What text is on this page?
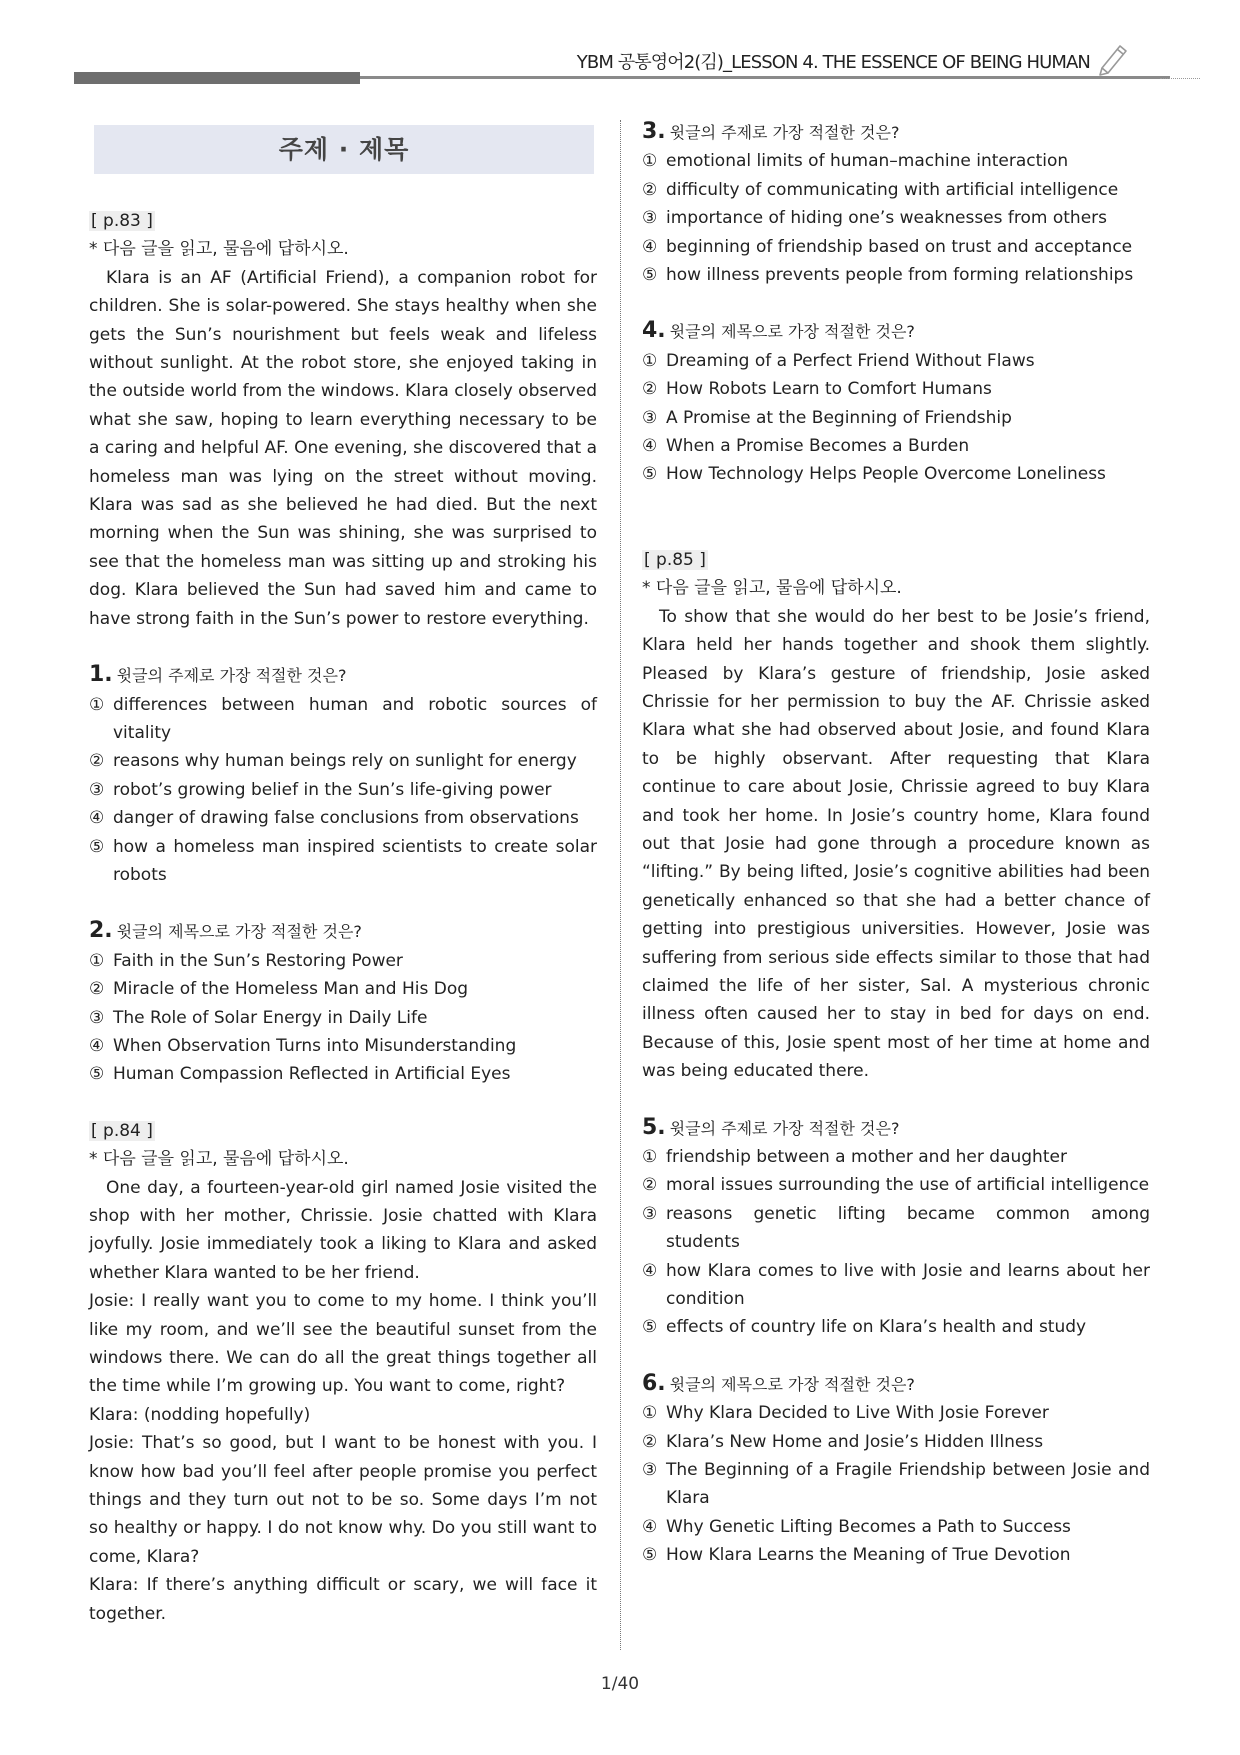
YBM 공통영어2(김)_LESSON 4. THE ESSENCE OF BEING HUMAN
주제 · 제목

[ p.83 ]

* 다음 글을 읽고, 물음에 답하시오.

Klara is an AF (Artificial Friend), a companion robot for children. She is solar-powered. She stays healthy when she gets the Sun’s nourishment but feels weak and lifeless without sunlight. At the robot store, she enjoyed taking in the outside world from the windows. Klara closely observed what she saw, hoping to learn everything necessary to be a caring and helpful AF. One evening, she discovered that a homeless man was lying on the street without moving. Klara was sad as she believed he had died. But the next morning when the Sun was shining, she was surprised to see that the homeless man was sitting up and stroking his dog. Klara believed the Sun had saved him and came to have strong faith in the Sun’s power to restore everything.

1. 윗글의 주제로 가장 적절한 것은?

① differences between human and robotic sources of vitality
② reasons why human beings rely on sunlight for energy
③ robot’s growing belief in the Sun’s life-giving power
④ danger of drawing false conclusions from observations
⑤ how a homeless man inspired scientists to create solar robots

2. 윗글의 제목으로 가장 적절한 것은?

① Faith in the Sun’s Restoring Power
② Miracle of the Homeless Man and His Dog
③ The Role of Solar Energy in Daily Life
④ When Observation Turns into Misunderstanding
⑤ Human Compassion Reflected in Artificial Eyes

[ p.84 ]

* 다음 글을 읽고, 물음에 답하시오.

One day, a fourteen-year-old girl named Josie visited the shop with her mother, Chrissie. Josie chatted with Klara joyfully. Josie immediately took a liking to Klara and asked whether Klara wanted to be her friend.

Josie: I really want you to come to my home. I think you’ll like my room, and we’ll see the beautiful sunset from the windows there. We can do all the great things together all the time while I’m growing up. You want to come, right?

Klara: (nodding hopefully)

Josie: That’s so good, but I want to be honest with you. I know how bad you’ll feel after people promise you perfect things and they turn out not to be so. Some days I’m not so healthy or happy. I do not know why. Do you still want to come, Klara?

Klara: If there’s anything difficult or scary, we will face it together.

3. 윗글의 주제로 가장 적절한 것은?

① emotional limits of human–machine interaction
② difficulty of communicating with artificial intelligence
③ importance of hiding one’s weaknesses from others
④ beginning of friendship based on trust and acceptance
⑤ how illness prevents people from forming relationships

4. 윗글의 제목으로 가장 적절한 것은?

① Dreaming of a Perfect Friend Without Flaws
② How Robots Learn to Comfort Humans
③ A Promise at the Beginning of Friendship
④ When a Promise Becomes a Burden
⑤ How Technology Helps People Overcome Loneliness

[ p.85 ]

* 다음 글을 읽고, 물음에 답하시오.

To show that she would do her best to be Josie’s friend, Klara held her hands together and shook them slightly. Pleased by Klara’s gesture of friendship, Josie asked Chrissie for her permission to buy the AF. Chrissie asked Klara what she had observed about Josie, and found Klara to be highly observant. After requesting that Klara continue to care about Josie, Chrissie agreed to buy Klara and took her home. In Josie’s country home, Klara found out that Josie had gone through a procedure known as “lifting.” By being lifted, Josie’s cognitive abilities had been genetically enhanced so that she had a better chance of getting into prestigious universities. However, Josie was suffering from serious side effects similar to those that had claimed the life of her sister, Sal. A mysterious chronic illness often caused her to stay in bed for days on end. Because of this, Josie spent most of her time at home and was being educated there.

5. 윗글의 주제로 가장 적절한 것은?

① friendship between a mother and her daughter
② moral issues surrounding the use of artificial intelligence
③ reasons genetic lifting became common among students
④ how Klara comes to live with Josie and learns about her condition
⑤ effects of country life on Klara’s health and study

6. 윗글의 제목으로 가장 적절한 것은?

① Why Klara Decided to Live With Josie Forever
② Klara’s New Home and Josie’s Hidden Illness
③ The Beginning of a Fragile Friendship between Josie and Klara
④ Why Genetic Lifting Becomes a Path to Success
⑤ How Klara Learns the Meaning of True Devotion
1/40
